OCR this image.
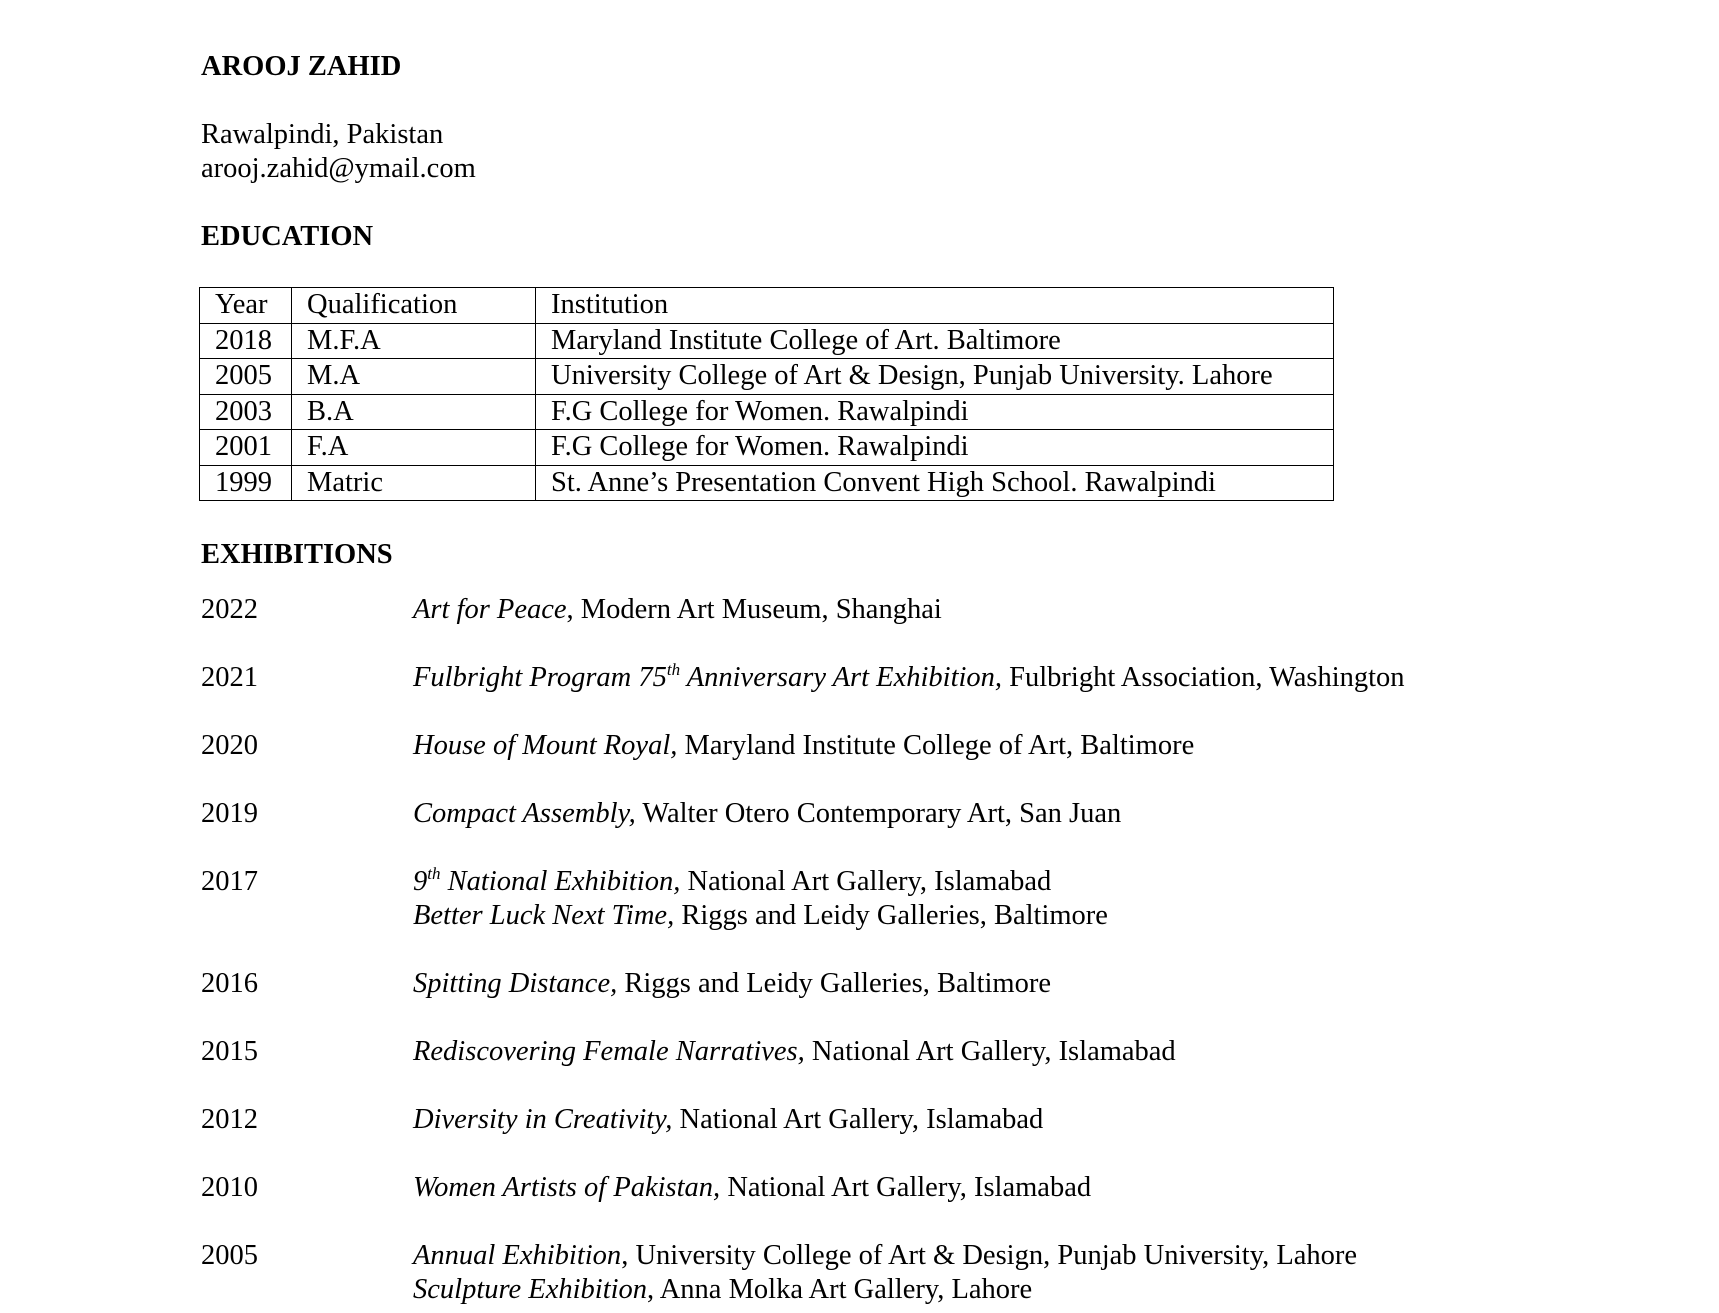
AROOJ ZAHID
Rawalpindi, Pakistan
arooj.zahid@ymail.com
EDUCATION
Year	Qualification	Institution
2018	M.F.A	Maryland Institute College of Art. Baltimore
2005	M.A	University College of Art & Design, Punjab University. Lahore
2003	B.A	F.G College for Women. Rawalpindi
2001	F.A	F.G College for Women. Rawalpindi
1999	Matric	St. Anne’s Presentation Convent High School. Rawalpindi
EXHIBITIONS
2022	Art for Peace, Modern Art Museum, Shanghai
2021	Fulbright Program 75th Anniversary Art Exhibition, Fulbright Association, Washington
2020	House of Mount Royal, Maryland Institute College of Art, Baltimore
2019	Compact Assembly, Walter Otero Contemporary Art, San Juan
2017	9th National Exhibition, National Art Gallery, Islamabad
Better Luck Next Time, Riggs and Leidy Galleries, Baltimore
2016	Spitting Distance, Riggs and Leidy Galleries, Baltimore
2015	Rediscovering Female Narratives, National Art Gallery, Islamabad
2012	Diversity in Creativity, National Art Gallery, Islamabad
2010	Women Artists of Pakistan, National Art Gallery, Islamabad
2005	Annual Exhibition, University College of Art & Design, Punjab University, Lahore
Sculpture Exhibition, Anna Molka Art Gallery, Lahore
